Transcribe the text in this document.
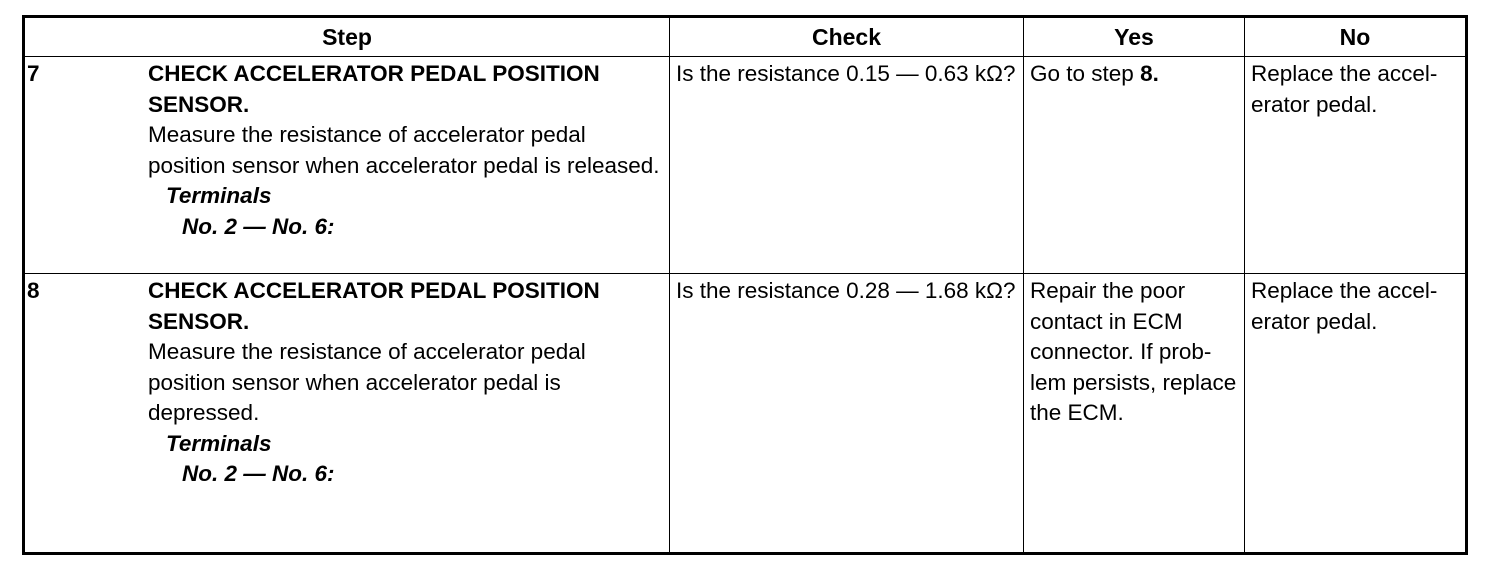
Step	Check	Yes	No

7 CHECK ACCELERATOR PEDAL POSITION SENSOR.
Measure the resistance of accelerator pedal position sensor when accelerator pedal is released.
Terminals
No. 2 — No. 6:	Is the resistance 0.15 — 0.63 kΩ?	Go to step 8.	Replace the accel-erator pedal.

8 CHECK ACCELERATOR PEDAL POSITION SENSOR.
Measure the resistance of accelerator pedal position sensor when accelerator pedal is depressed.
Terminals
No. 2 — No. 6:	Is the resistance 0.28 — 1.68 kΩ?	Repair the poor contact in ECM connector. If prob-lem persists, replace the ECM.	Replace the accel-erator pedal.
